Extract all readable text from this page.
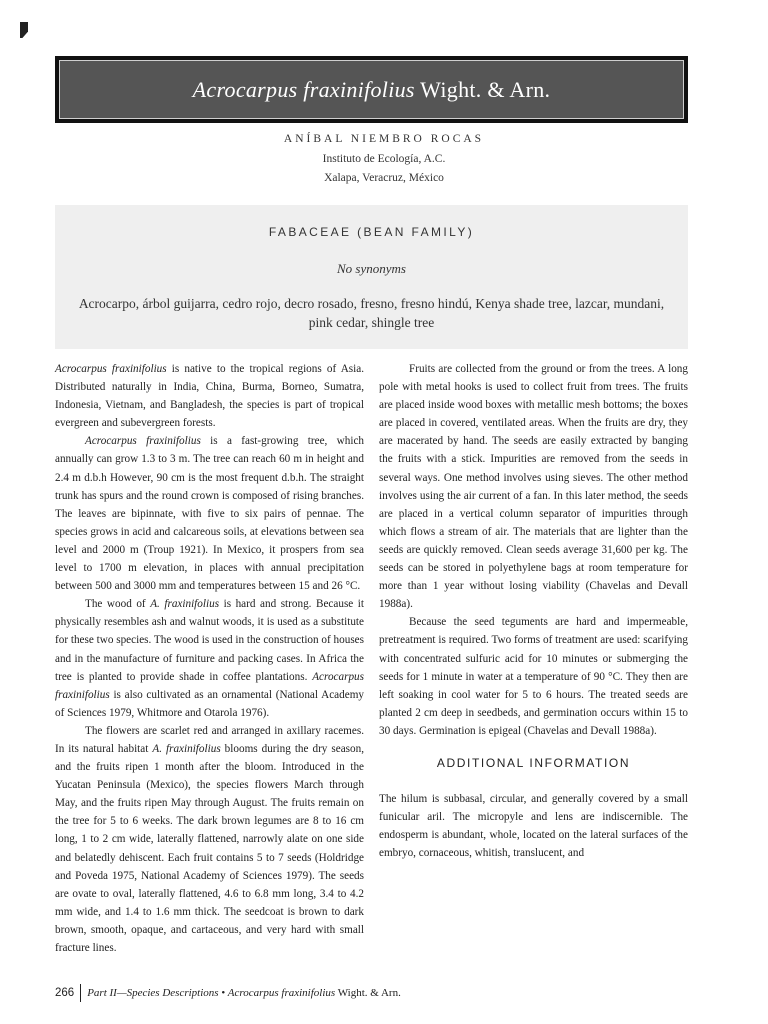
Acrocarpus fraxinifolius Wight. & Arn.
ANÍBAL NIEMBRO ROCAS
Instituto de Ecología, A.C.
Xalapa, Veracruz, México
FABACEAE (BEAN FAMILY)
No synonyms
Acrocarpo, árbol guijarra, cedro rojo, decro rosado, fresno, fresno hindú, Kenya shade tree, lazcar, mundani, pink cedar, shingle tree

Acrocarpus fraxinifolius is native to the tropical regions of Asia. Distributed naturally in India, China, Burma, Borneo, Sumatra, Indonesia, Vietnam, and Bangladesh, the species is part of tropical evergreen and subevergreen forests.

Acrocarpus fraxinifolius is a fast-growing tree, which annually can grow 1.3 to 3 m. The tree can reach 60 m in height and 2.4 m d.b.h However, 90 cm is the most frequent d.b.h. The straight trunk has spurs and the round crown is composed of rising branches. The leaves are bipinnate, with five to six pairs of pennae. The species grows in acid and calcareous soils, at elevations between sea level and 2000 m (Troup 1921). In Mexico, it prospers from sea level to 1700 m elevation, in places with annual precipitation between 500 and 3000 mm and temperatures between 15 and 26 °C.

The wood of A. fraxinifolius is hard and strong. Because it physically resembles ash and walnut woods, it is used as a substitute for these two species. The wood is used in the construction of houses and in the manufacture of furniture and packing cases. In Africa the tree is planted to provide shade in coffee plantations. Acrocarpus fraxinifolius is also cultivated as an ornamental (National Academy of Sciences 1979, Whitmore and Otarola 1976).

The flowers are scarlet red and arranged in axillary racemes. In its natural habitat A. fraxinifolius blooms during the dry season, and the fruits ripen 1 month after the bloom. Introduced in the Yucatan Peninsula (Mexico), the species flowers March through May, and the fruits ripen May through August. The fruits remain on the tree for 5 to 6 weeks. The dark brown legumes are 8 to 16 cm long, 1 to 2 cm wide, laterally flattened, narrowly alate on one side and belatedly dehiscent. Each fruit contains 5 to 7 seeds (Holdridge and Poveda 1975, National Academy of Sciences 1979). The seeds are ovate to oval, laterally flattened, 4.6 to 6.8 mm long, 3.4 to 4.2 mm wide, and 1.4 to 1.6 mm thick. The seedcoat is brown to dark brown, smooth, opaque, and cartaceous, and very hard with small fracture lines.

Fruits are collected from the ground or from the trees. A long pole with metal hooks is used to collect fruit from trees. The fruits are placed inside wood boxes with metallic mesh bottoms; the boxes are placed in covered, ventilated areas. When the fruits are dry, they are macerated by hand. The seeds are easily extracted by banging the fruits with a stick. Impurities are removed from the seeds in several ways. One method involves using sieves. The other method involves using the air current of a fan. In this later method, the seeds are placed in a vertical column separator of impurities through which flows a stream of air. The materials that are lighter than the seeds are quickly removed. Clean seeds average 31,600 per kg. The seeds can be stored in polyethylene bags at room temperature for more than 1 year without losing viability (Chavelas and Devall 1988a).

Because the seed teguments are hard and impermeable, pretreatment is required. Two forms of treatment are used: scarifying with concentrated sulfuric acid for 10 minutes or submerging the seeds for 1 minute in water at a temperature of 90 °C. They then are left soaking in cool water for 5 to 6 hours. The treated seeds are planted 2 cm deep in seedbeds, and germination occurs within 15 to 30 days. Germination is epigeal (Chavelas and Devall 1988a).

ADDITIONAL INFORMATION

The hilum is subbasal, circular, and generally covered by a small funicular aril. The micropyle and lens are indiscernible. The endosperm is abundant, whole, located on the lateral surfaces of the embryo, cornaceous, whitish, translucent, and

266	Part II—Species Descriptions • Acrocarpus fraxinifolius Wight. & Arn.
